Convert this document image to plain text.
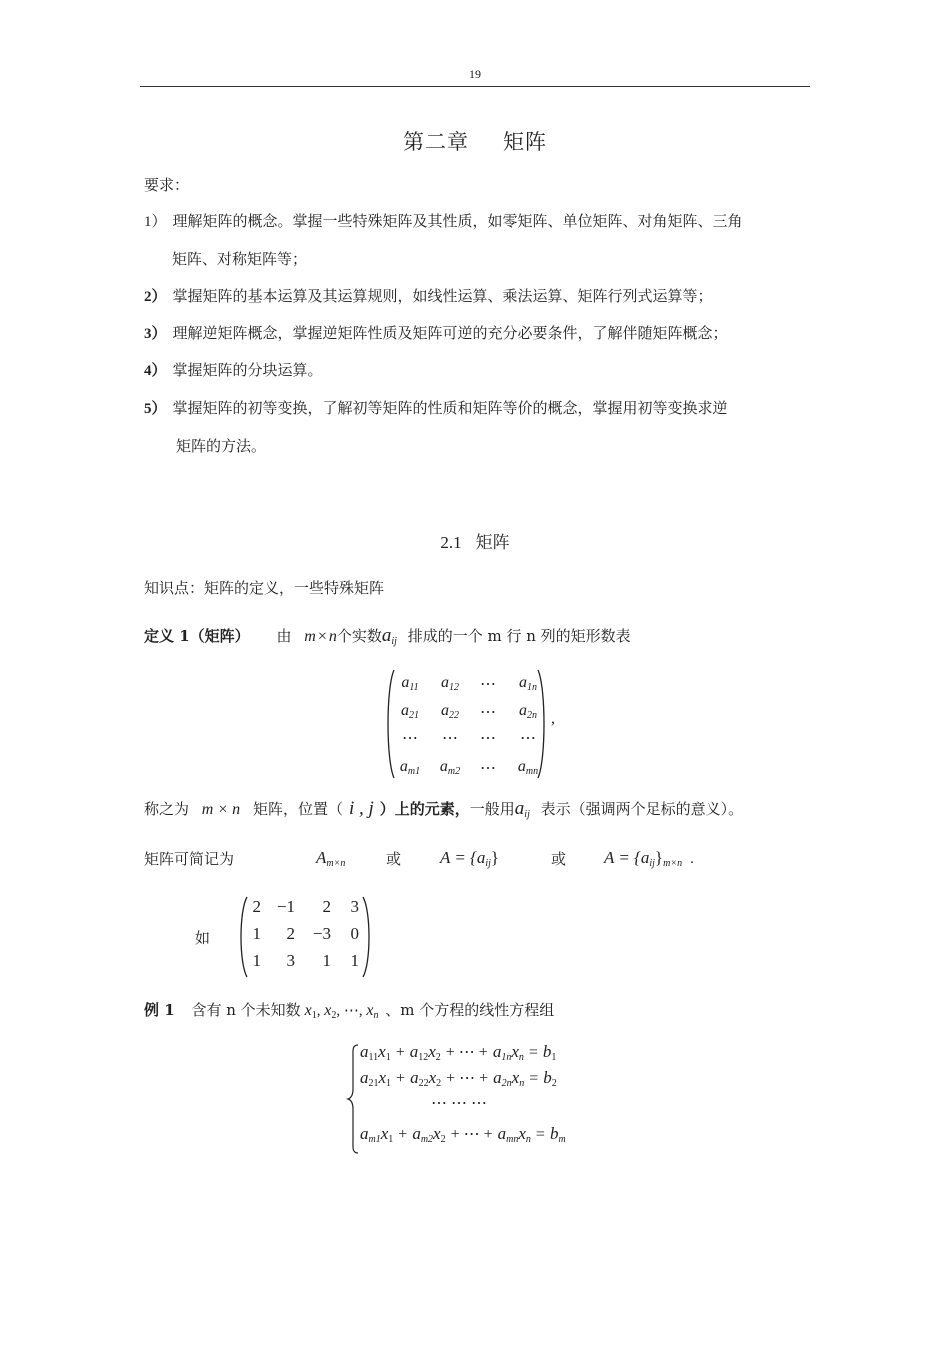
19
第二章 矩阵
要求：
1） 理解矩阵的概念。掌握一些特殊矩阵及其性质，如零矩阵、单位矩阵、对角矩阵、三角
矩阵、对称矩阵等；
2） 掌握矩阵的基本运算及其运算规则，如线性运算、乘法运算、矩阵行列式运算等；
3） 理解逆矩阵概念，掌握逆矩阵性质及矩阵可逆的充分必要条件，了解伴随矩阵概念；
4） 掌握矩阵的分块运算。
5） 掌握矩阵的初等变换，了解初等矩阵的性质和矩阵等价的概念，掌握用初等变换求逆
矩阵的方法。
2.1 矩阵
知识点：矩阵的定义，一些特殊矩阵
定义 1（矩阵） 由 m × n个实数$a_{ij}$ 排成的一个 m 行 n 列的矩形数表
,
$a_{11}$	$a_{12}$	⋯	$a_{1n}$
$a_{21}$	$a_{22}$	⋯	$a_{2n}$
⋯	⋯	⋯	⋯
$a_{m1}$	$a_{m2}$	⋯	$a_{mn}$
称之为 m × n 矩阵，位置（ i , j ）上的元素，一般用$a_{ij}$ 表示（强调两个足标的意义）。
矩阵可简记为	$A_{m\times n}$	或 $A = \{a_{ij}\}$	或 $A = \{a_{ij}\}_{m\times n}$ .
如
2 −1	2	3
1	2	−3	0
1	3	1	1
例 1 含有 n 个未知数 $x_1$, $x_2$, ⋯, $x_n$ 、m 个方程的线性方程组
$a_{11}x_1 + a_{12}x_2$ + ⋯ + $a_{1n}x_n = b_1$
$a_{21}x_1 + a_{22}x_2$ + ⋯ + $a_{2n}x_n = b_2$
⋯ ⋯ ⋯
$a_{m1}x_1 + a_{m2}x_2$ + ⋯ + $a_{mn}x_n = b_m$
